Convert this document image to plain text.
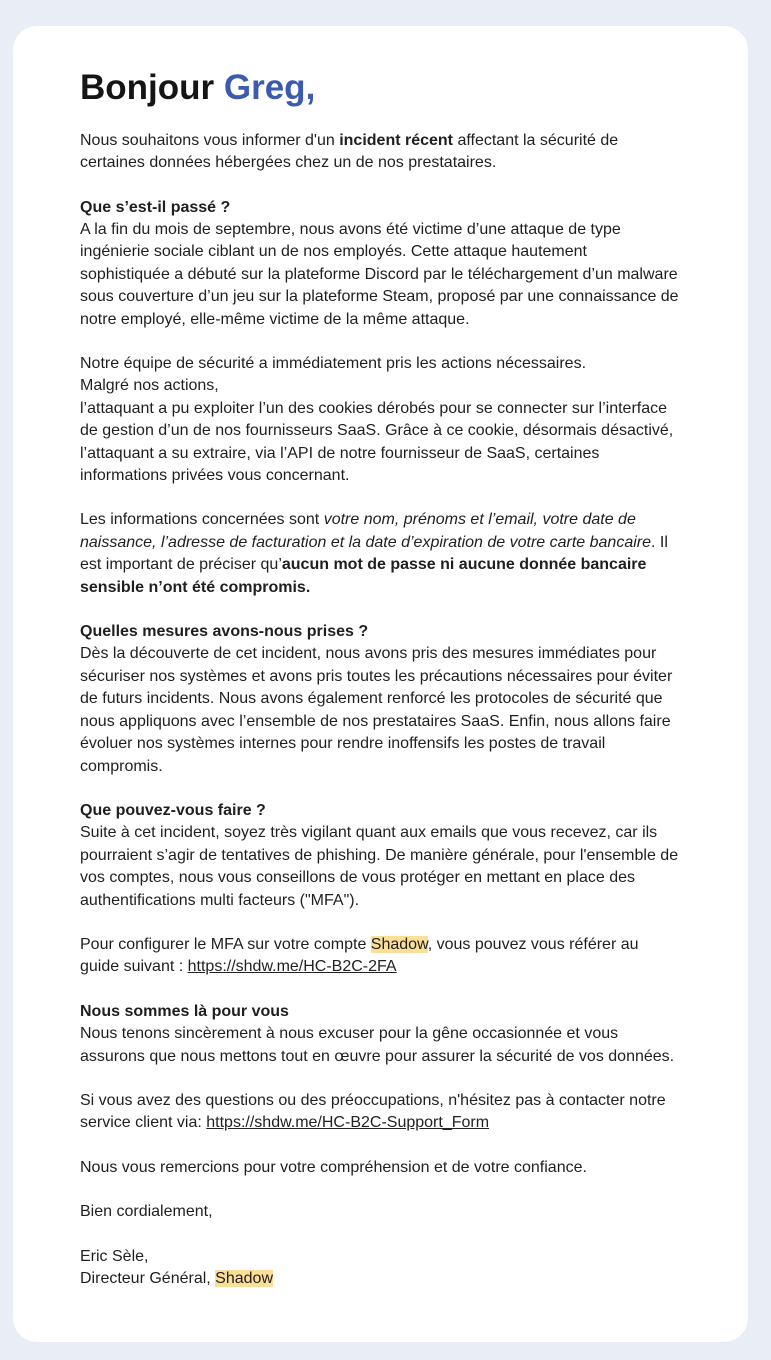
Bonjour Greg,

Nous souhaitons vous informer d'un incident récent affectant la sécurité de certaines données hébergées chez un de nos prestataires.

Que s’est-il passé ?
A la fin du mois de septembre, nous avons été victime d’une attaque de type ingénierie sociale ciblant un de nos employés. Cette attaque hautement sophistiquée a débuté sur la plateforme Discord par le téléchargement d’un malware sous couverture d’un jeu sur la plateforme Steam, proposé par une connaissance de notre employé, elle-même victime de la même attaque.

Notre équipe de sécurité a immédiatement pris les actions nécessaires.
Malgré nos actions,
l’attaquant a pu exploiter l’un des cookies dérobés pour se connecter sur l’interface de gestion d’un de nos fournisseurs SaaS. Grâce à ce cookie, désormais désactivé, l’attaquant a su extraire, via l’API de notre fournisseur de SaaS, certaines informations privées vous concernant.

Les informations concernées sont votre nom, prénoms et l’email, votre date de naissance, l’adresse de facturation et la date d’expiration de votre carte bancaire. Il est important de préciser qu’aucun mot de passe ni aucune donnée bancaire sensible n’ont été compromis.

Quelles mesures avons-nous prises ?
Dès la découverte de cet incident, nous avons pris des mesures immédiates pour sécuriser nos systèmes et avons pris toutes les précautions nécessaires pour éviter de futurs incidents. Nous avons également renforcé les protocoles de sécurité que nous appliquons avec l’ensemble de nos prestataires SaaS. Enfin, nous allons faire évoluer nos systèmes internes pour rendre inoffensifs les postes de travail compromis.

Que pouvez-vous faire ?
Suite à cet incident, soyez très vigilant quant aux emails que vous recevez, car ils pourraient s’agir de tentatives de phishing. De manière générale, pour l'ensemble de vos comptes, nous vous conseillons de vous protéger en mettant en place des authentifications multi facteurs ("MFA").

Pour configurer le MFA sur votre compte Shadow, vous pouvez vous référer au guide suivant : https://shdw.me/HC-B2C-2FA

Nous sommes là pour vous
Nous tenons sincèrement à nous excuser pour la gêne occasionnée et vous assurons que nous mettons tout en œuvre pour assurer la sécurité de vos données.

Si vous avez des questions ou des préoccupations, n'hésitez pas à contacter notre service client via: https://shdw.me/HC-B2C-Support_Form

Nous vous remercions pour votre compréhension et de votre confiance.

Bien cordialement,

Eric Sèle,
Directeur Général, Shadow
